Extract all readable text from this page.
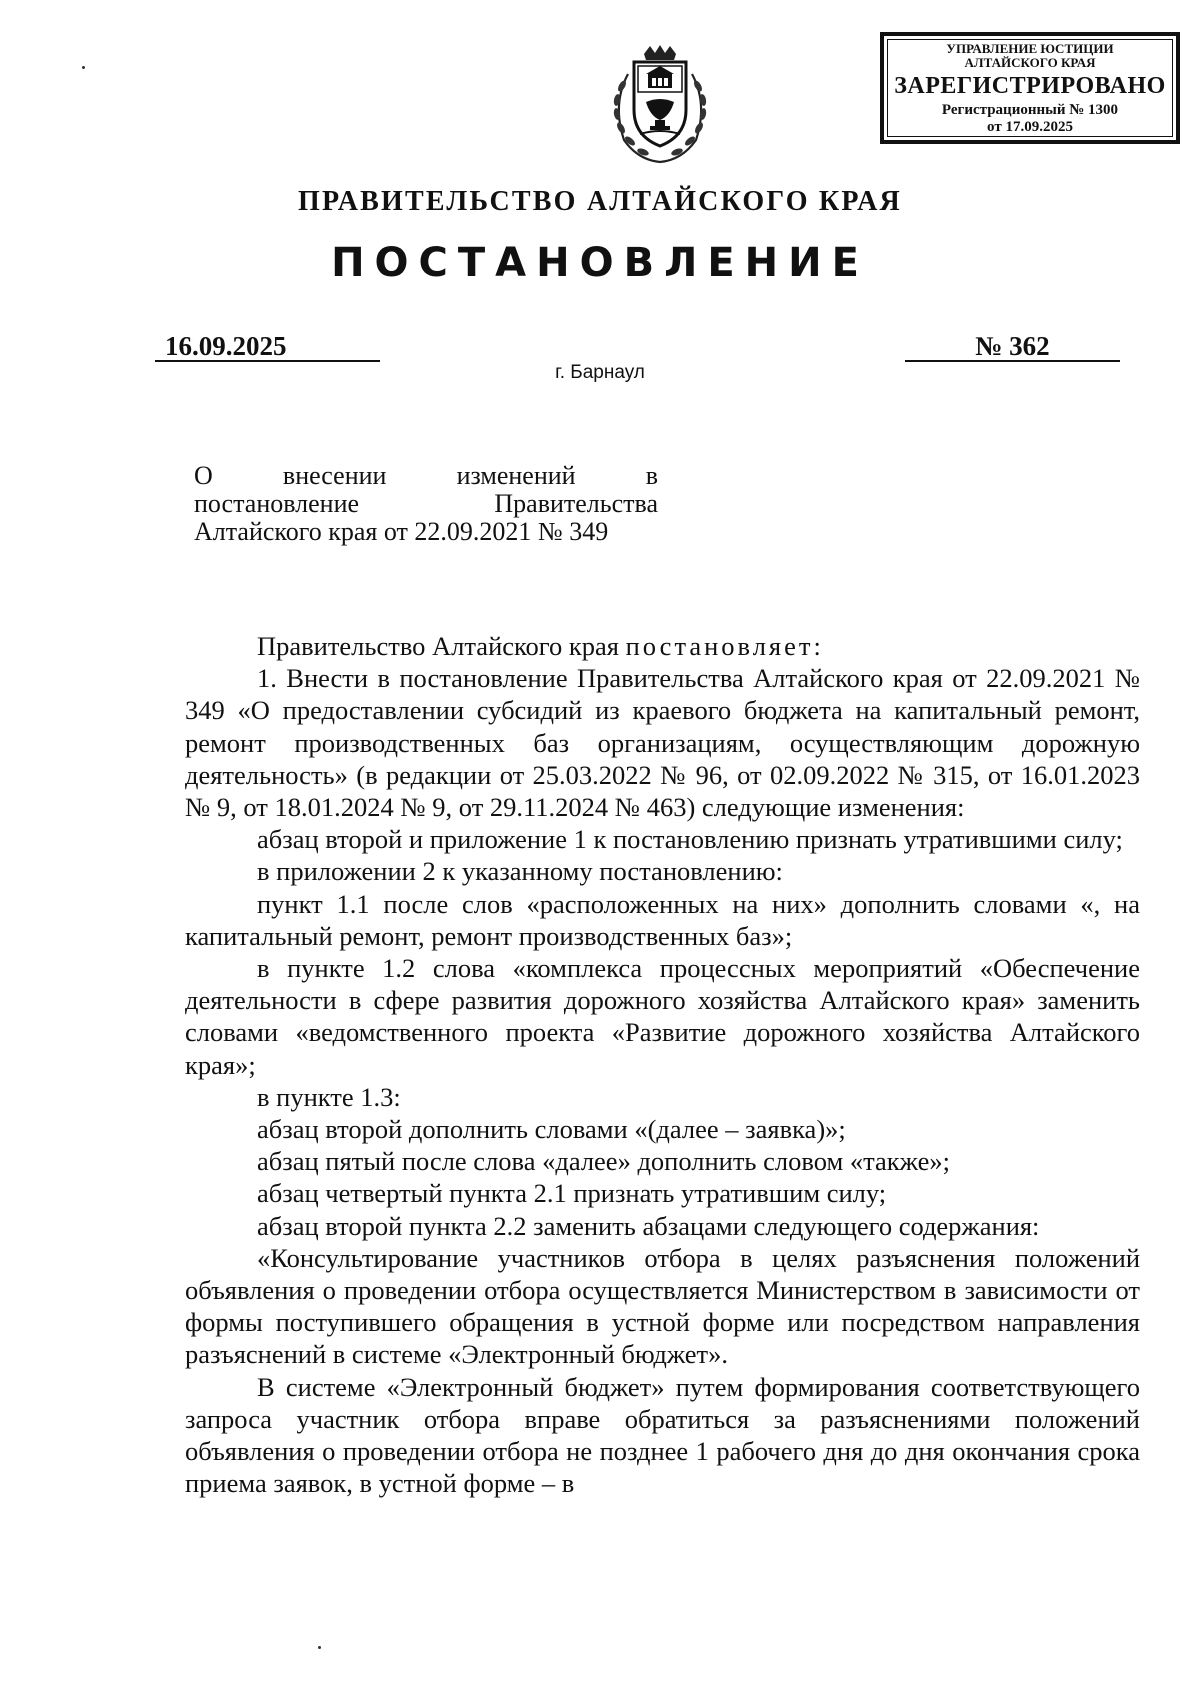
УПРАВЛЕНИЕ ЮСТИЦИИ
АЛТАЙСКОГО КРАЯ
ЗАРЕГИСТРИРОВАНО
Регистрационный № 1300
от 17.09.2025
ПРАВИТЕЛЬСТВО АЛТАЙСКОГО КРАЯ
ПОСТАНОВЛЕНИЕ
16.09.2025	№ 362
г. Барнаул
О внесении изменений в
постановление Правительства
Алтайского края от 22.09.2021 № 349

Правительство Алтайского края постановляет:

1. Внести в постановление Правительства Алтайского края от 22.09.2021 № 349 «О предоставлении субсидий из краевого бюджета на капитальный ремонт, ремонт производственных баз организациям, осуществляющим дорожную деятельность» (в редакции от 25.03.2022 № 96, от 02.09.2022 № 315, от 16.01.2023 № 9, от 18.01.2024 № 9, от 29.11.2024 № 463) следующие изменения:

абзац второй и приложение 1 к постановлению признать утратившими силу;

в приложении 2 к указанному постановлению:

пункт 1.1 после слов «расположенных на них» дополнить словами «, на капитальный ремонт, ремонт производственных баз»;

в пункте 1.2 слова «комплекса процессных мероприятий «Обеспечение деятельности в сфере развития дорожного хозяйства Алтайского края» заменить словами «ведомственного проекта «Развитие дорожного хозяйства Алтайского края»;

в пункте 1.3:

абзац второй дополнить словами «(далее – заявка)»;

абзац пятый после слова «далее» дополнить словом «также»;

абзац четвертый пункта 2.1 признать утратившим силу;

абзац второй пункта 2.2 заменить абзацами следующего содержания:

«Консультирование участников отбора в целях разъяснения положений объявления о проведении отбора осуществляется Министерством в зависимости от формы поступившего обращения в устной форме или посредством направления разъяснений в системе «Электронный бюджет».

В системе «Электронный бюджет» путем формирования соответствующего запроса участник отбора вправе обратиться за разъяснениями положений объявления о проведении отбора не позднее 1 рабочего дня до дня окончания срока приема заявок, в устной форме – в
